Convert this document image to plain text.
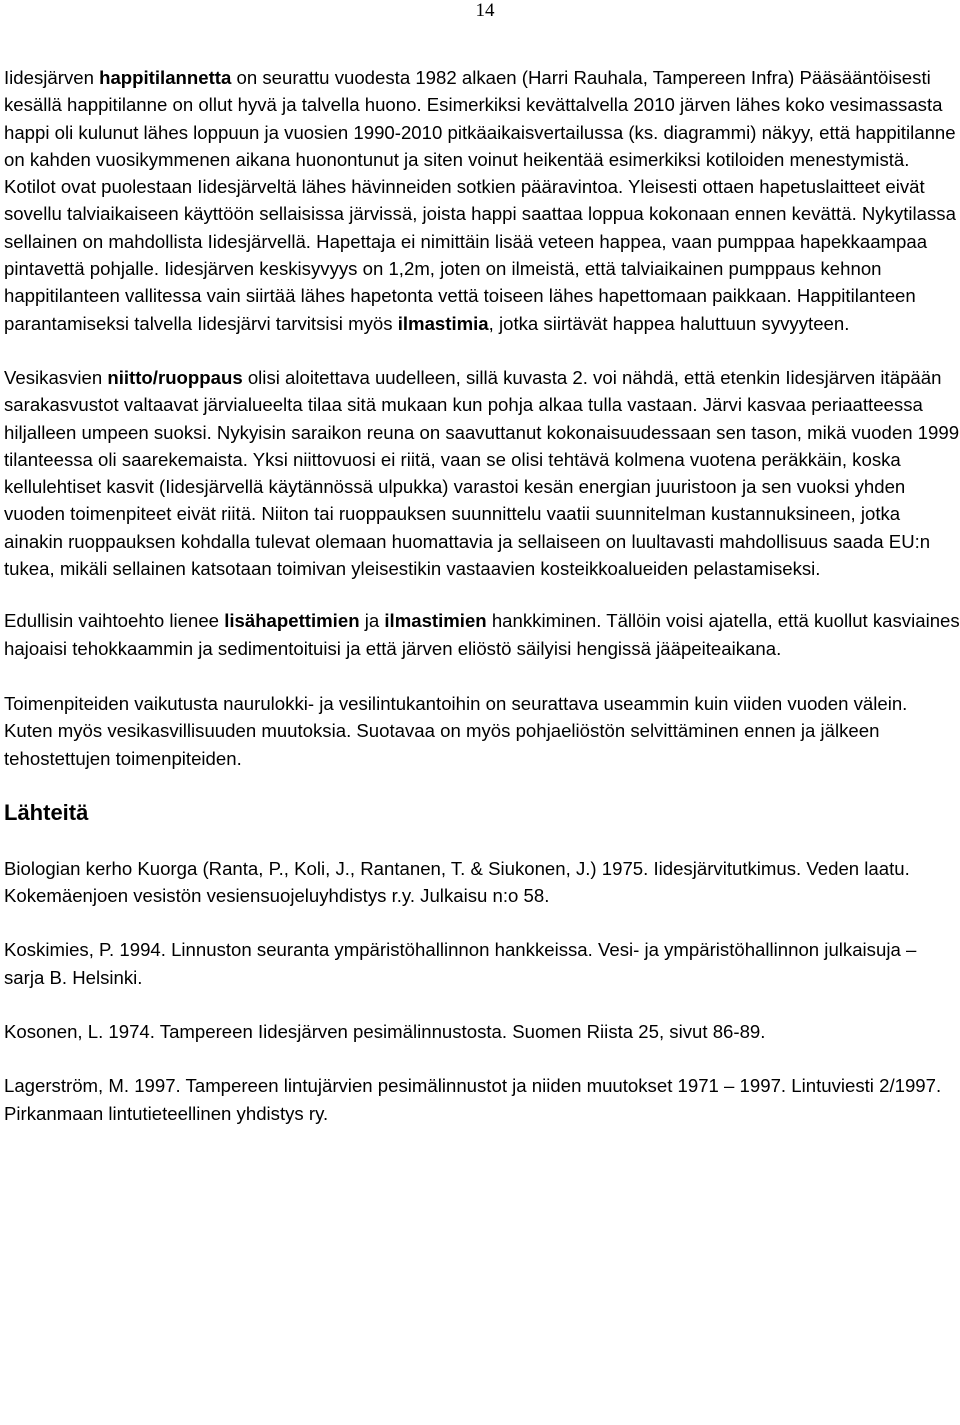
14

Iidesjärven happitilannetta on seurattu vuodesta 1982 alkaen (Harri Rauhala, Tampereen Infra) Pääsääntöisesti kesällä happitilanne on ollut hyvä ja talvella huono. Esimerkiksi kevättalvella 2010 järven lähes koko vesimassasta happi oli kulunut lähes loppuun ja vuosien 1990-2010 pitkäaikaisvertailussa (ks. diagrammi) näkyy, että happitilanne on kahden vuosikymmenen aikana huonontunut ja siten voinut heikentää esimerkiksi kotiloiden menestymistä. Kotilot ovat puolestaan Iidesjärveltä lähes hävinneiden sotkien pääravintoa. Yleisesti ottaen hapetuslaitteet eivät sovellu talviaikaiseen käyttöön sellaisissa järvissä, joista happi saattaa loppua kokonaan ennen kevättä. Nykytilassa sellainen on mahdollista Iidesjärvellä. Hapettaja ei nimittäin lisää veteen happea, vaan pumppaa hapekkaampaa pintavettä pohjalle. Iidesjärven keskisyvyys on 1,2m, joten on ilmeistä, että talviaikainen pumppaus kehnon happitilanteen vallitessa vain siirtää lähes hapetonta vettä toiseen lähes hapettomaan paikkaan. Happitilanteen parantamiseksi talvella Iidesjärvi tarvitsisi myös ilmastimia, jotka siirtävät happea haluttuun syvyyteen.

Vesikasvien niitto/ruoppaus olisi aloitettava uudelleen, sillä kuvasta 2. voi nähdä, että etenkin Iidesjärven itäpään sarakasvustot valtaavat järvialueelta tilaa sitä mukaan kun pohja alkaa tulla vastaan. Järvi kasvaa periaatteessa hiljalleen umpeen suoksi. Nykyisin saraikon reuna on saavuttanut kokonaisuudessaan sen tason, mikä vuoden 1999 tilanteessa oli saarekemaista. Yksi niittovuosi ei riitä, vaan se olisi tehtävä kolmena vuotena peräkkäin, koska kellulehtiset kasvit (Iidesjärvellä käytännössä ulpukka) varastoi kesän energian juuristoon ja sen vuoksi yhden vuoden toimenpiteet eivät riitä. Niiton tai ruoppauksen suunnittelu vaatii suunnitelman kustannuksineen, jotka ainakin ruoppauksen kohdalla tulevat olemaan huomattavia ja sellaiseen on luultavasti mahdollisuus saada EU:n tukea, mikäli sellainen katsotaan toimivan yleisestikin vastaavien kosteikkoalueiden pelastamiseksi.

Edullisin vaihtoehto lienee lisähapettimien ja ilmastimien hankkiminen. Tällöin voisi ajatella, että kuollut kasviaines hajoaisi tehokkaammin ja sedimentoituisi ja että järven eliöstö säilyisi hengissä jääpeiteaikana.

Toimenpiteiden vaikutusta naurulokki- ja vesilintukantoihin on seurattava useammin kuin viiden vuoden välein. Kuten myös vesikasvillisuuden muutoksia. Suotavaa on myös pohjaeliöstön selvittäminen ennen ja jälkeen tehostettujen toimenpiteiden.

Lähteitä

Biologian kerho Kuorga (Ranta, P., Koli, J., Rantanen, T. & Siukonen, J.) 1975. Iidesjärvitutkimus. Veden laatu. Kokemäenjoen vesistön vesiensuojeluyhdistys r.y. Julkaisu n:o 58.

Koskimies, P. 1994. Linnuston seuranta ympäristöhallinnon hankkeissa. Vesi- ja ympäristöhallinnon julkaisuja – sarja B. Helsinki.

Kosonen, L. 1974. Tampereen Iidesjärven pesimälinnustosta. Suomen Riista 25, sivut 86-89.

Lagerström, M. 1997. Tampereen lintujärvien pesimälinnustot ja niiden muutokset 1971 – 1997. Lintuviesti 2/1997. Pirkanmaan lintutieteellinen yhdistys ry.
